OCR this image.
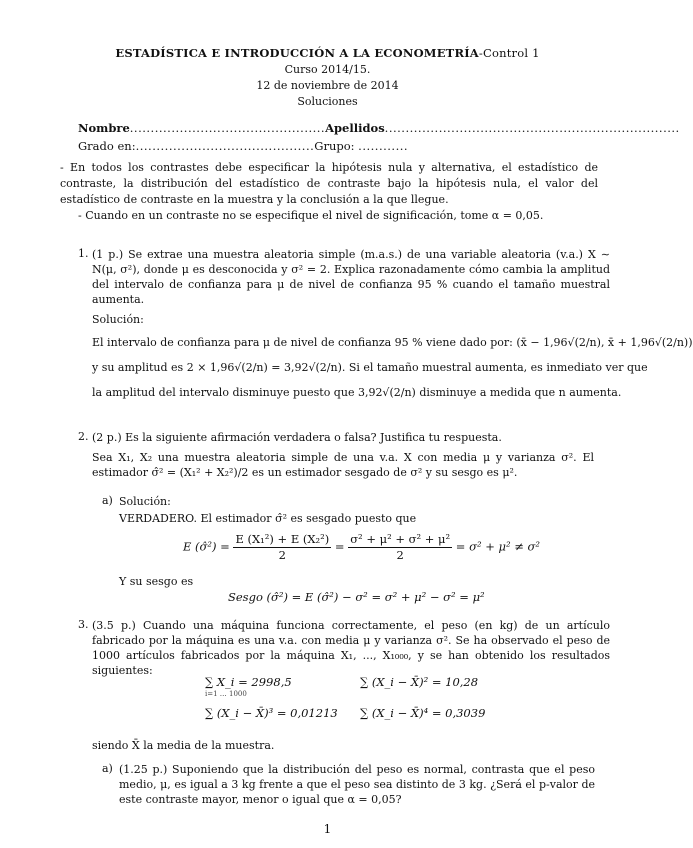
ESTADÍSTICA E INTRODUCCIÓN A LA ECONOMETRÍA-Control 1
Curso 2014/15.
12 de noviembre de 2014
Soluciones
Nombre...............................................Apellidos.......................................................................
Grado en:...........................................Grupo: ............
- En todos los contrastes debe especificar la hipótesis nula y alternativa, el estadístico de contraste, la distribución del estadístico de contraste bajo la hipótesis nula, el valor del estadístico de contraste en la muestra y la conclusión a la que llegue.
- Cuando en un contraste no se especifique el nivel de significación, tome α = 0,05.
1. (1 p.) Se extrae una muestra aleatoria simple (m.a.s.) de una variable aleatoria (v.a.) X ∼ N(μ, σ²), donde μ es desconocida y σ² = 2. Explica razonadamente cómo cambia la amplitud del intervalo de confianza para μ de nivel de confianza 95 % cuando el tamaño muestral aumenta.
Solución:
El intervalo de confianza para μ de nivel de confianza 95 % viene dado por: (x̄ − 1,96√(2/n), x̄ + 1,96√(2/n))
y su amplitud es 2 × 1,96√(2/n) = 3,92√(2/n). Si el tamaño muestral aumenta, es inmediato ver que
la amplitud del intervalo disminuye puesto que 3,92√(2/n) disminuye a medida que n aumenta.
2. (2 p.) Es la siguiente afirmación verdadera o falsa? Justifica tu respuesta.
Sea X₁, X₂ una muestra aleatoria simple de una v.a. X con media μ y varianza σ². El estimador σ̂² = (X₁² + X₂²)/2 es un estimador sesgado de σ² y su sesgo es μ².
a) Solución:
VERDADERO. El estimador σ̂² es sesgado puesto que
E (σ̂²) = $\frac{\text{E (X₁²) + E (X₂²)}}{2} = \frac{\text{σ² + μ² + σ² + μ²}}{2} = \sigma^2 + \mu^2 \ne \sigma^2$
Y su sesgo es
Sesgo (σ̂²) = E (σ̂²) − σ² = σ² + μ² − σ² = μ²
3. (3.5 p.) Cuando una máquina funciona correctamente, el peso (en kg) de un artículo fabricado por la máquina es una v.a. con media μ y varianza σ². Se ha observado el peso de 1000 artículos fabricados por la máquina X₁, ..., X₁₀₀₀, y se han obtenido los resultados siguientes:
∑ X_i = 2998,5	∑ (X_i − X̄)² = 10,28
∑ (X_i − X̄)³ = 0,01213 ∑ (X_i − X̄)⁴ = 0,3039
i=1 … 1000
siendo X̄ la media de la muestra.
a) (1.25 p.) Suponiendo que la distribución del peso es normal, contrasta que el peso medio, μ, es igual a 3 kg frente a que el peso sea distinto de 3 kg. ¿Será el p-valor de este contraste mayor, menor o igual que α = 0,05?
1
